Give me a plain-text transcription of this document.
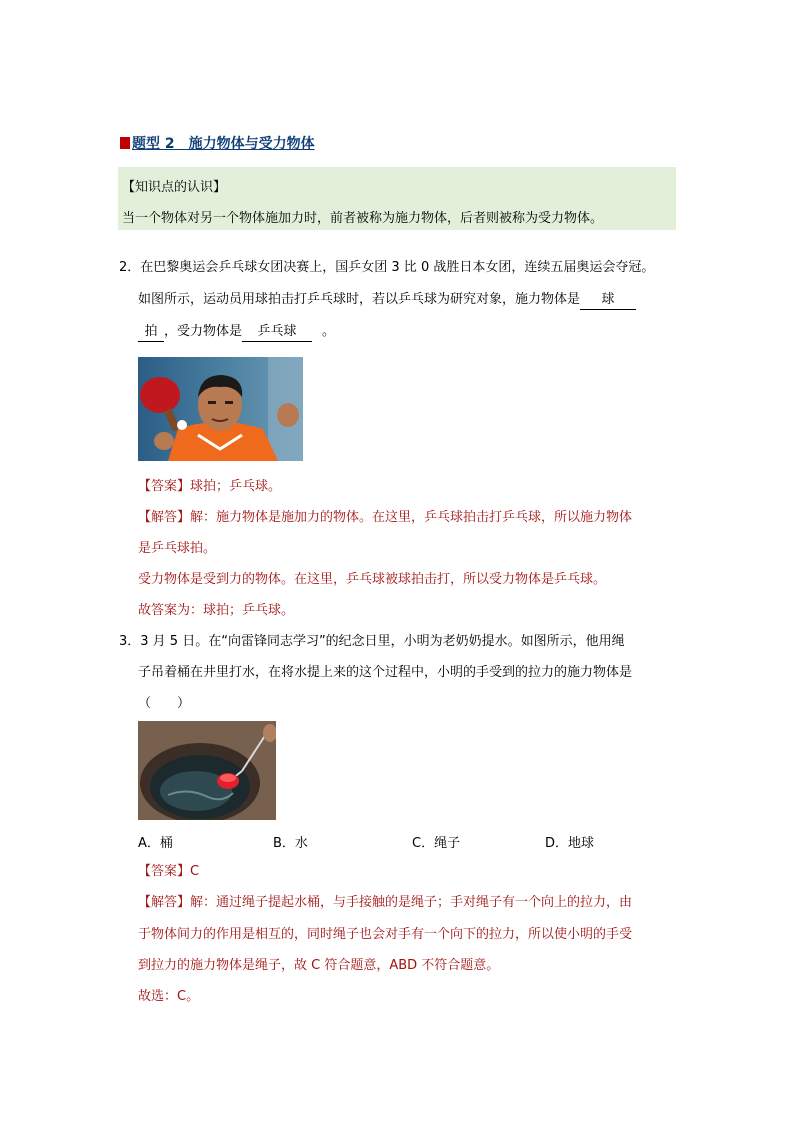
题型 2　施力物体与受力物体
【知识点的认识】
当一个物体对另一个物体施加力时，前者被称为施力物体，后者则被称为受力物体。
2．在巴黎奥运会乒乓球女团决赛上，国乒女团 3 比 0 战胜日本女团，连续五届奥运会夺冠。
如图所示，运动员用球拍击打乒乓球时，若以乒乓球为研究对象，施力物体是 球
拍 ，受力物体是 乒乓球 。
【答案】球拍；乒乓球。
【解答】解：施力物体是施加力的物体。在这里，乒乓球拍击打乒乓球，所以施力物体
是乒乓球拍。
受力物体是受到力的物体。在这里，乒乓球被球拍击打，所以受力物体是乒乓球。
故答案为：球拍；乒乓球。
3．3 月 5 日。在“向雷锋同志学习”的纪念日里，小明为老奶奶提水。如图所示，他用绳
子吊着桶在井里打水，在将水提上来的这个过程中，小明的手受到的拉力的施力物体是
（　　）
A．桶	B．水	C．绳子	D．地球
【答案】C
【解答】解：通过绳子提起水桶，与手接触的是绳子；手对绳子有一个向上的拉力，由
于物体间力的作用是相互的，同时绳子也会对手有一个向下的拉力，所以使小明的手受
到拉力的施力物体是绳子，故 C 符合题意，ABD 不符合题意。
故选：C。
